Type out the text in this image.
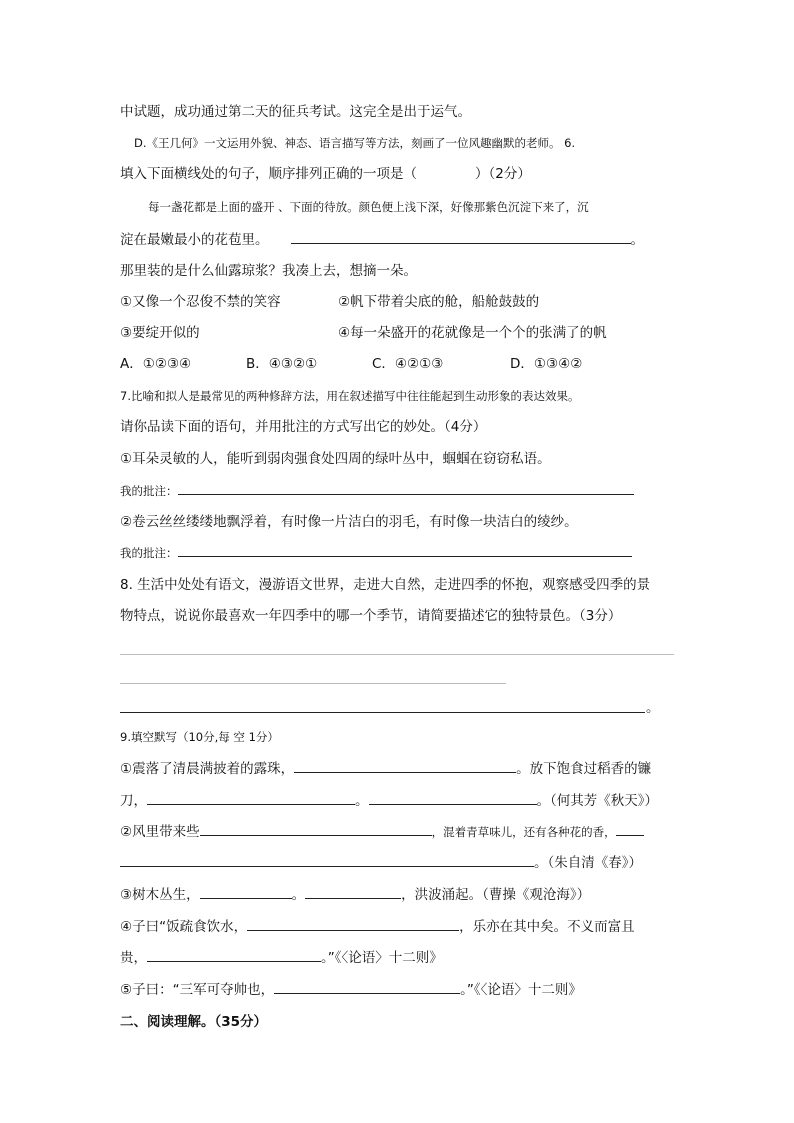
中试题，成功通过第二天的征兵考试。这完全是出于运气。
D.《王几何》一文运用外貌、神态、语言描写等方法，刻画了一位风趣幽默的老师。 6.
填入下面横线处的句子，顺序排列正确的一项是（	）（2分）
每一盏花都是上面的盛开 、下面的待放。颜色便上浅下深，好像那紫色沉淀下来了，沉
淀在最嫩最小的花苞里。	。
那里装的是什么仙露琼浆？我凑上去，想摘一朵。
①又像一个忍俊不禁的笑容	②帆下带着尖底的舱，船舱鼓鼓的
③要绽开似的	④每一朵盛开的花就像是一个个的张满了的帆
A．①②③④	B．④③②①	C．④②①③	D．①③④②
7.比喻和拟人是最常见的两种修辞方法，用在叙述描写中往往能起到生动形象的表达效果。
请你品读下面的语句，并用批注的方式写出它的妙处。（4分）
①耳朵灵敏的人，能听到弱肉强食处四周的绿叶丛中，蝈蝈在窃窃私语。
我的批注：
②卷云丝丝缕缕地飘浮着，有时像一片洁白的羽毛，有时像一块洁白的绫纱。
我的批注：
8. 生活中处处有语文，漫游语文世界，走进大自然，走进四季的怀抱，观察感受四季的景
物特点，说说你最喜欢一年四季中的哪一个季节，请简要描述它的独特景色。（3分）
。
9.填空默写（10分,每 空 1分）
①震落了清晨满披着的露珠，	。放下饱食过稻香的镰
刀，	。	。（何其芳《秋天》）
②风里带来些	，混着青草味儿，还有各种花的香，
。（朱自清《春》）
③树木丛生，	。	，洪波涌起。（曹操《观沧海》）
④子曰“饭疏食饮水，	，乐亦在其中矣。不义而富且
贵，	。”《〈论语〉十二则》
⑤子曰：“三军可夺帅也，	。”《〈论语〉十二则》
二、阅读理解。（35分）
